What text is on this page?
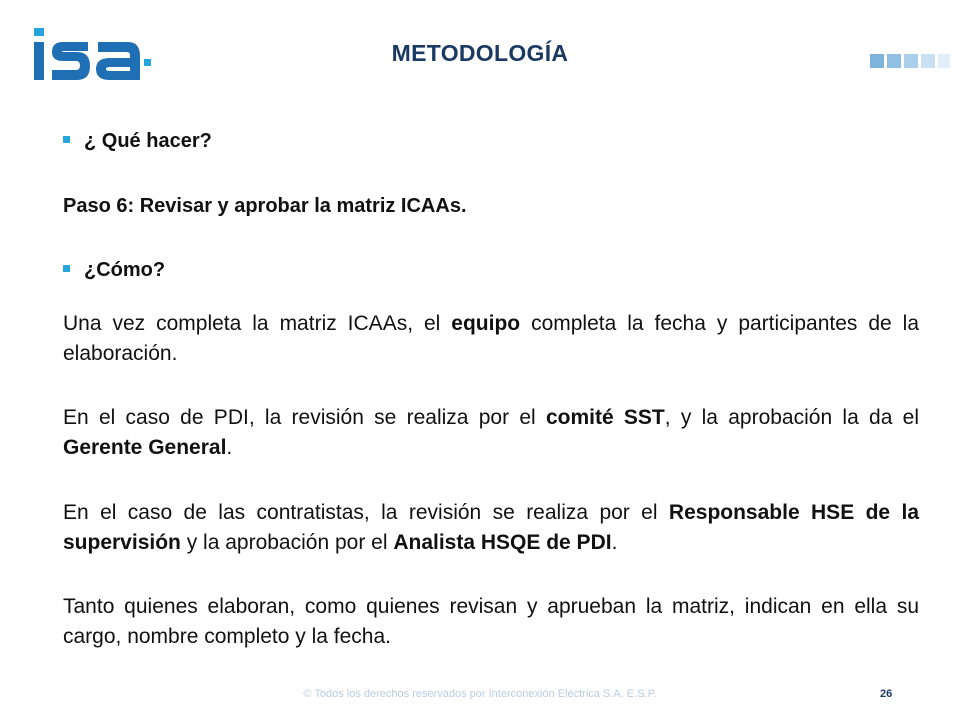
METODOLOGÍA
¿ Qué hacer?
Paso 6: Revisar y aprobar la matriz ICAAs.
¿Cómo?
Una vez completa la matriz ICAAs, el equipo completa la fecha y participantes de la elaboración.
En el caso de PDI, la revisión se realiza por el comité SST, y la aprobación la da el Gerente General.
En el caso de las contratistas, la revisión se realiza por el Responsable HSE de la supervisión y la aprobación por el Analista HSQE de PDI.
Tanto quienes elaboran, como quienes revisan y aprueban la matriz, indican en ella su cargo, nombre completo y la fecha.
© Todos los derechos reservados por Interconexión Eléctrica S.A. E.S.P.	26
